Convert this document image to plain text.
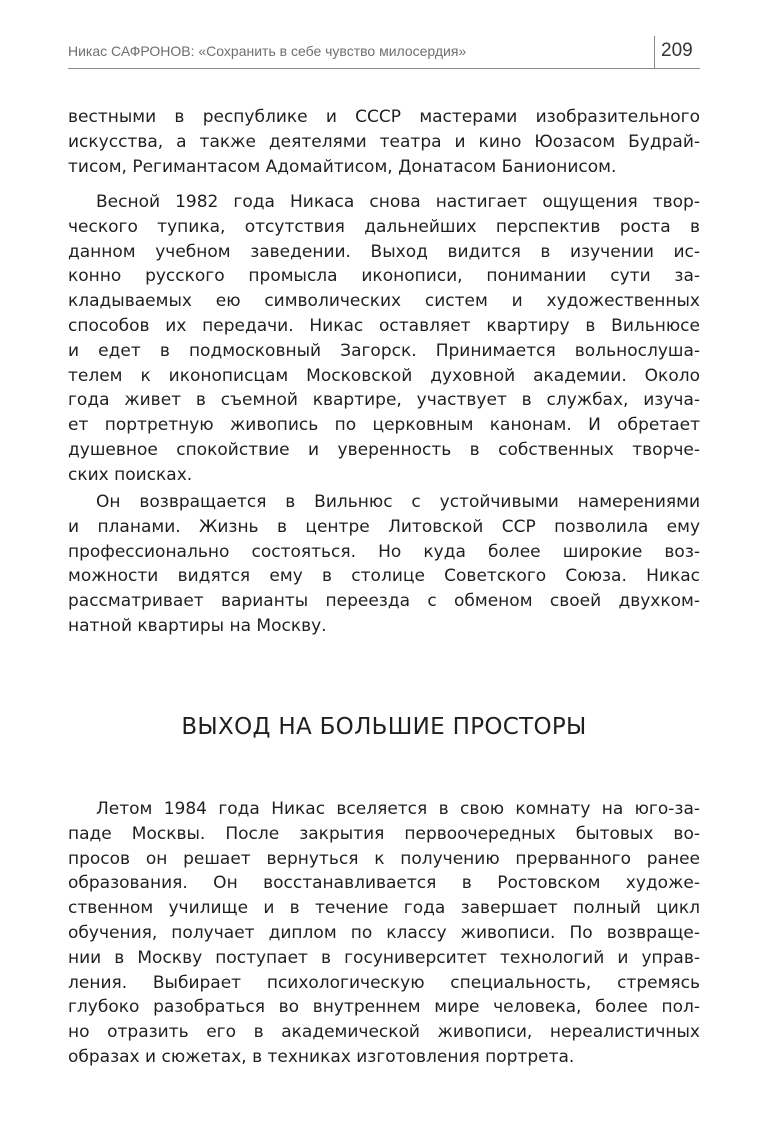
Никас САФРОНОВ: «Сохранить в себе чувство милосердия»	209
вестными в республике и СССР мастерами изобразительного
искусства, а также деятелями театра и кино Юозасом Будрай-
тисом, Регимантасом Адомайтисом, Донатасом Банионисом.
Весной 1982 года Никаса снова настигает ощущения твор-
ческого тупика, отсутствия дальнейших перспектив роста в
данном учебном заведении. Выход видится в изучении ис-
конно русского промысла иконописи, понимании сути за-
кладываемых ею символических систем и художественных
способов их передачи. Никас оставляет квартиру в Вильнюсе
и едет в подмосковный Загорск. Принимается вольнослуша-
телем к иконописцам Московской духовной академии. Около
года живет в съемной квартире, участвует в службах, изуча-
ет портретную живопись по церковным канонам. И обретает
душевное спокойствие и уверенность в собственных творче-
ских поисках.
Он возвращается в Вильнюс с устойчивыми намерениями
и планами. Жизнь в центре Литовской ССР позволила ему
профессионально состояться. Но куда более широкие воз-
можности видятся ему в столице Советского Союза. Никас
рассматривает варианты переезда с обменом своей двухком-
натной квартиры на Москву.
ВЫХОД НА БОЛЬШИЕ ПРОСТОРЫ
Летом 1984 года Никас вселяется в свою комнату на юго-за-
паде Москвы. После закрытия первоочередных бытовых во-
просов он решает вернуться к получению прерванного ранее
образования. Он восстанавливается в Ростовском художе-
ственном училище и в течение года завершает полный цикл
обучения, получает диплом по классу живописи. По возвраще-
нии в Москву поступает в госуниверситет технологий и управ-
ления. Выбирает психологическую специальность, стремясь
глубоко разобраться во внутреннем мире человека, более пол-
но отразить его в академической живописи, нереалистичных
образах и сюжетах, в техниках изготовления портрета.
